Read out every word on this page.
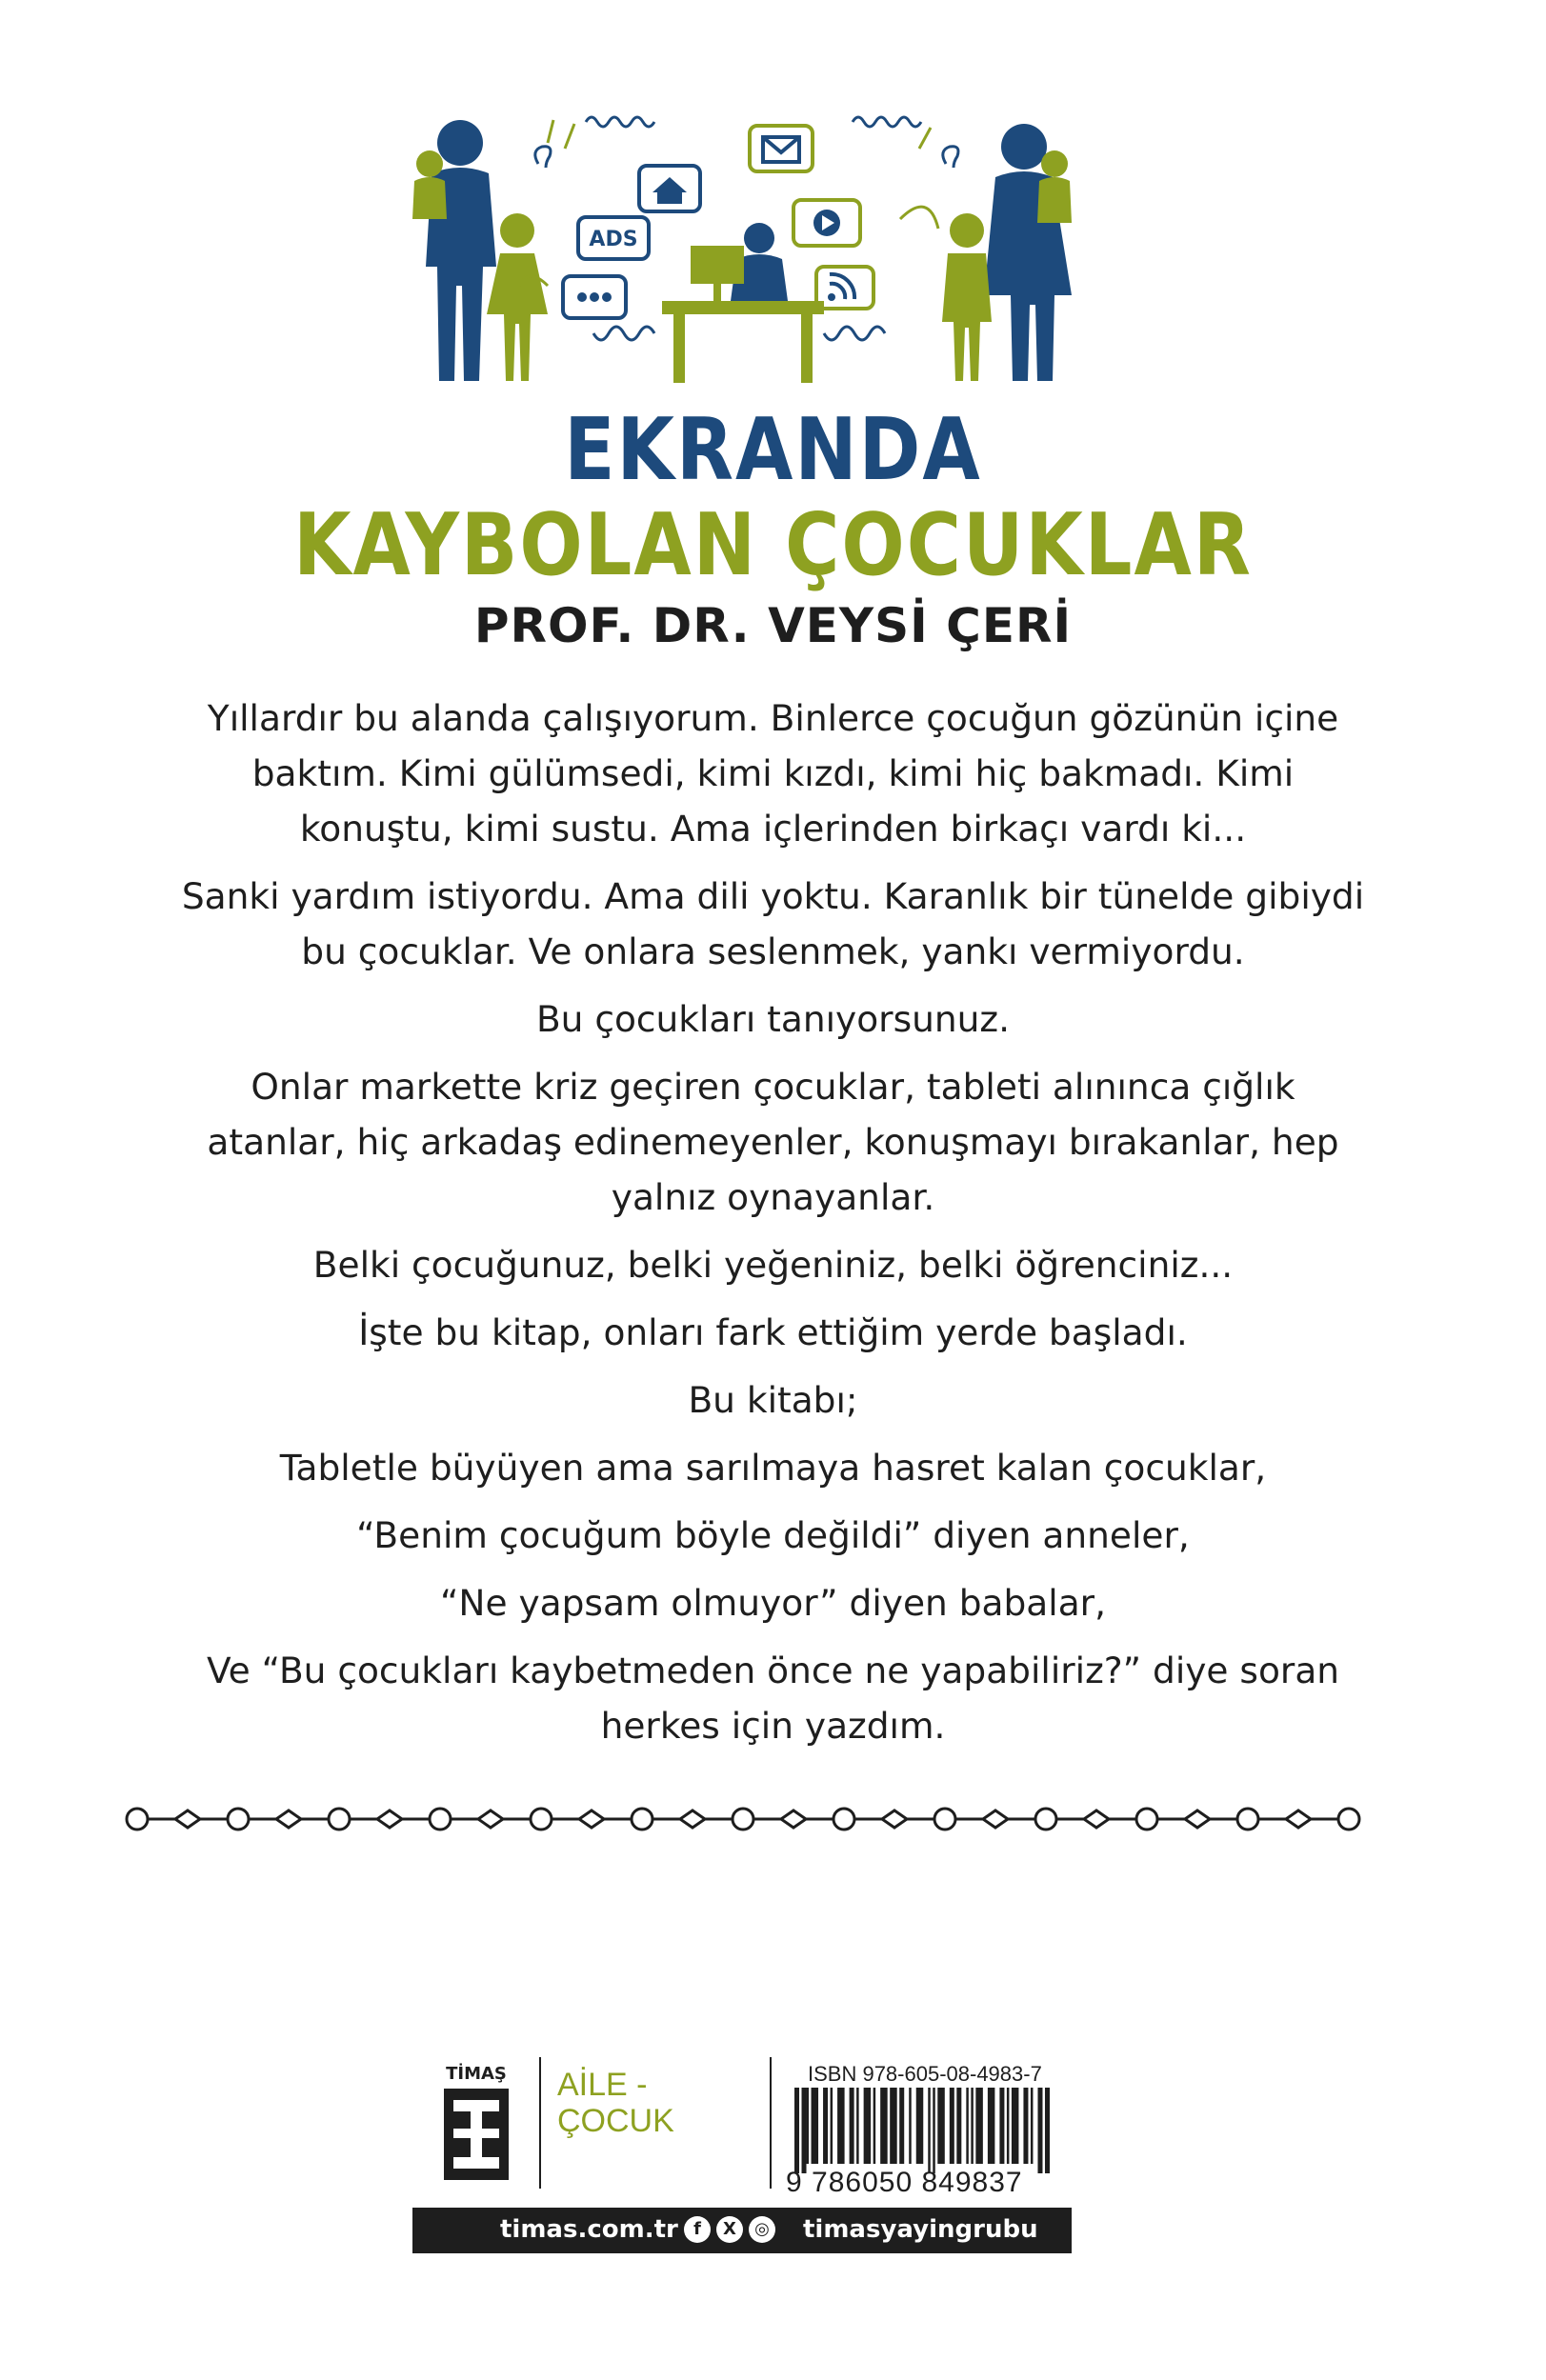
ADS
EKRANDA
KAYBOLAN ÇOCUKLAR
PROF. DR. VEYSİ ÇERİ

Yıllardır bu alanda çalışıyorum. Binlerce çocuğun gözünün içine baktım. Kimi gülümsedi, kimi kızdı, kimi hiç bakmadı. Kimi konuştu, kimi sustu. Ama içlerinden birkaçı vardı ki...

Sanki yardım istiyordu. Ama dili yoktu. Karanlık bir tünelde gibiydi bu çocuklar. Ve onlara seslenmek, yankı vermiyordu.

Bu çocukları tanıyorsunuz.

Onlar markette kriz geçiren çocuklar, tableti alınınca çığlık atanlar, hiç arkadaş edinemeyenler, konuşmayı bırakanlar, hep yalnız oynayanlar.

Belki çocuğunuz, belki yeğeniniz, belki öğrenciniz...

İşte bu kitap, onları fark ettiğim yerde başladı.

Bu kitabı;

Tabletle büyüyen ama sarılmaya hasret kalan çocuklar,

“Benim çocuğum böyle değildi” diyen anneler,

“Ne yapsam olmuyor” diyen babalar,

Ve “Bu çocukları kaybetmeden önce ne yapabiliriz?” diye soran herkes için yazdım.

TİMAŞ AİLE -
ÇOCUK
ISBN 978-605-08-4983-7
9 786050 849837
timas.com.tr f	X	◎ timasyayingrubu
